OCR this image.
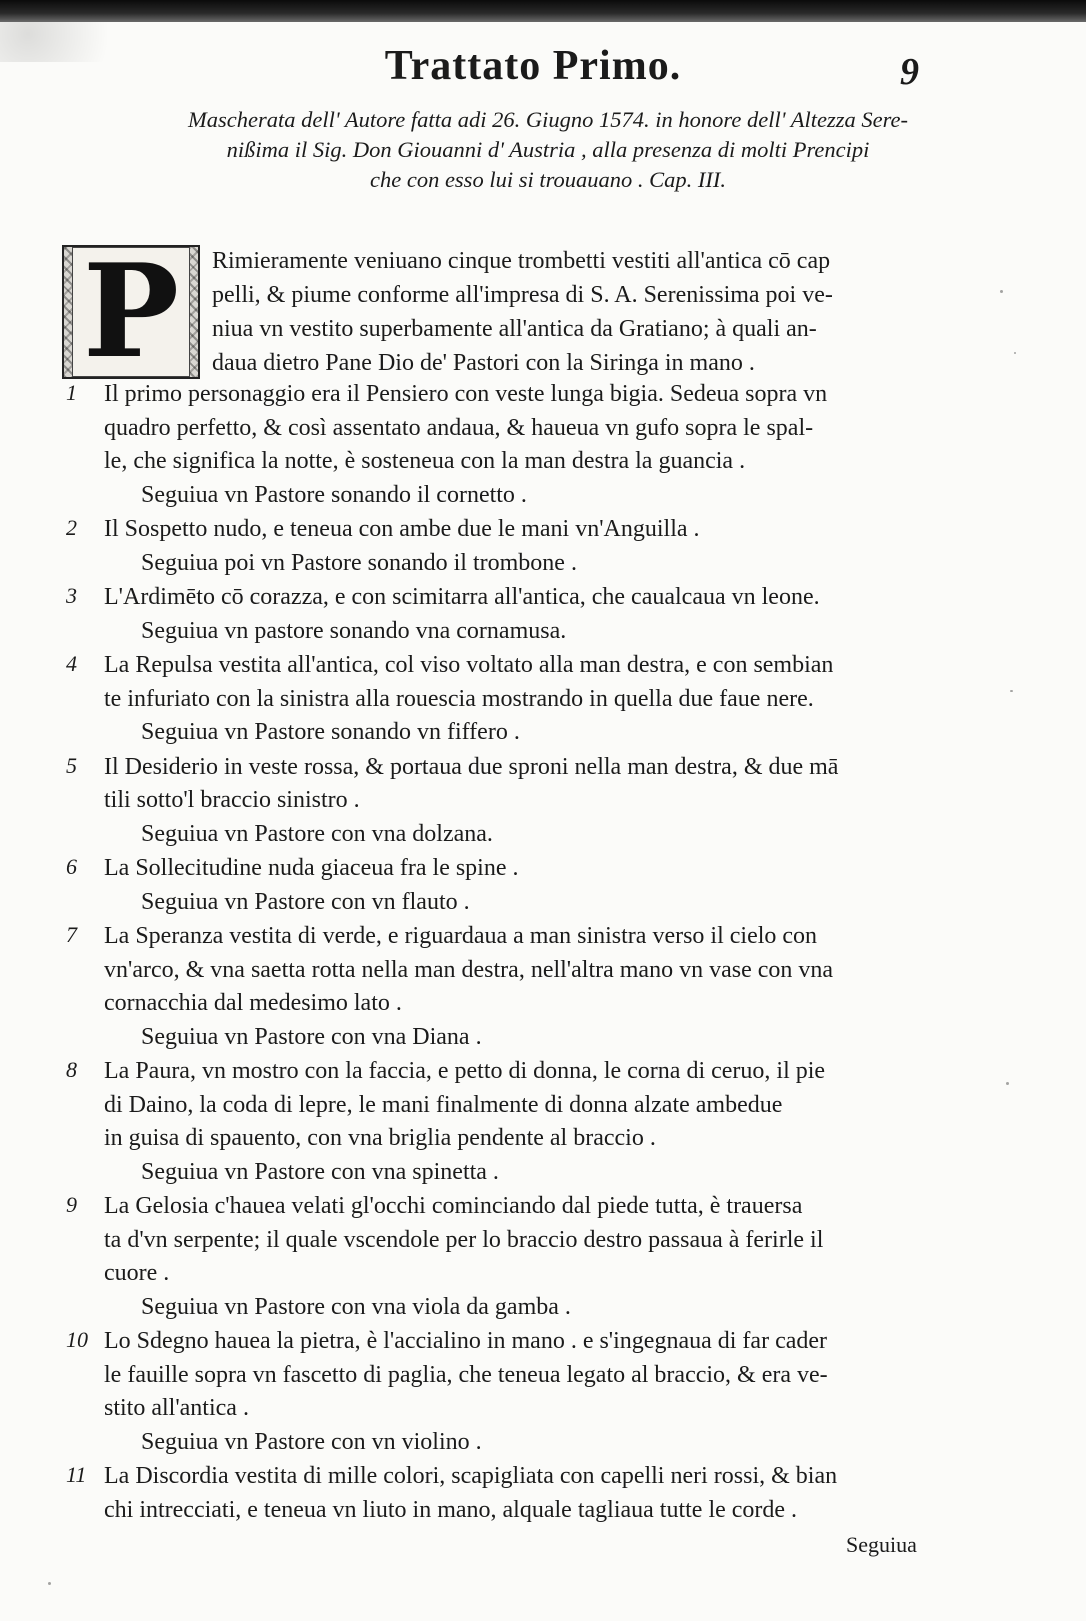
Trattato Primo.	9
Mascherata dell' Autore fatta adi 26. Giugno 1574. in honore dell' Altezza Sere-
nißima il Sig. Don Giouanni d' Austria , alla presenza di molti Prencipi
che con esso lui si trouauano . Cap. III.
P	Rimieramente veniuano cinque trombetti vestiti all'antica cō cap
pelli, & piume conforme all'impresa di S. A. Serenissima poi ve-
niua vn vestito superbamente all'antica da Gratiano; à quali an-
daua dietro Pane Dio de' Pastori con la Siringa in mano .
1	Il primo personaggio era il Pensiero con veste lunga bigia. Sedeua sopra vn
quadro perfetto, & così assentato andaua, & haueua vn gufo sopra le spal-
le, che significa la notte, è sosteneua con la man destra la guancia .
Seguiua vn Pastore sonando il cornetto .
2	Il Sospetto nudo, e teneua con ambe due le mani vn'Anguilla .
Seguiua poi vn Pastore sonando il trombone .
3	L'Ardimēto cō corazza, e con scimitarra all'antica, che caualcaua vn leone.
Seguiua vn pastore sonando vna cornamusa.
4	La Repulsa vestita all'antica, col viso voltato alla man destra, e con sembian
te infuriato con la sinistra alla rouescia mostrando in quella due faue nere.
Seguiua vn Pastore sonando vn fiffero .
5	Il Desiderio in veste rossa, & portaua due sproni nella man destra, & due mā
tili sotto'l braccio sinistro .
Seguiua vn Pastore con vna dolzana.
6	La Sollecitudine nuda giaceua fra le spine .
Seguiua vn Pastore con vn flauto .
7	La Speranza vestita di verde, e riguardaua a man sinistra verso il cielo con
vn'arco, & vna saetta rotta nella man destra, nell'altra mano vn vase con vna
cornacchia dal medesimo lato .
Seguiua vn Pastore con vna Diana .
8	La Paura, vn mostro con la faccia, e petto di donna, le corna di ceruo, il pie
di Daino, la coda di lepre, le mani finalmente di donna alzate ambedue
in guisa di spauento, con vna briglia pendente al braccio .
Seguiua vn Pastore con vna spinetta .
9	La Gelosia c'hauea velati gl'occhi cominciando dal piede tutta, è trauersa
ta d'vn serpente; il quale vscendole per lo braccio destro passaua à ferirle il
cuore .
Seguiua vn Pastore con vna viola da gamba .
10 Lo Sdegno hauea la pietra, è l'accialino in mano . e s'ingegnaua di far cader
le fauille sopra vn fascetto di paglia, che teneua legato al braccio, & era ve-
stito all'antica .
Seguiua vn Pastore con vn violino .
11 La Discordia vestita di mille colori, scapigliata con capelli neri rossi, & bian
chi intrecciati, e teneua vn liuto in mano, alquale tagliaua tutte le corde .
Seguiua
